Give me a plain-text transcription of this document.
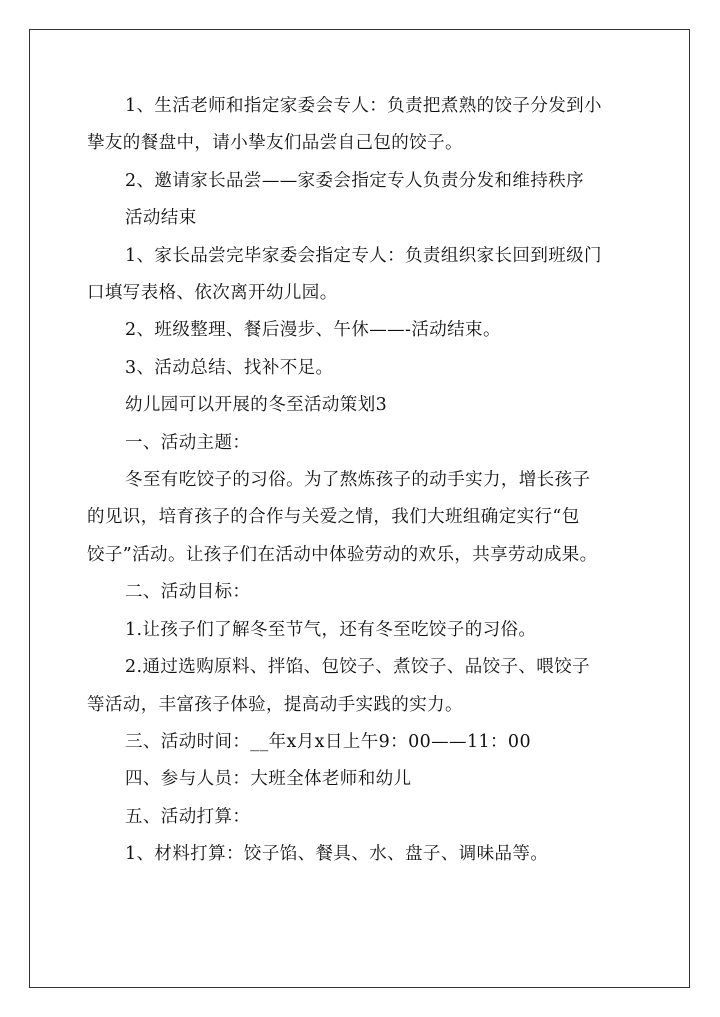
1、生活老师和指定家委会专人：负责把煮熟的饺子分发到小
挚友的餐盘中，请小挚友们品尝自己包的饺子。
2、邀请家长品尝——家委会指定专人负责分发和维持秩序
活动结束
1、家长品尝完毕家委会指定专人：负责组织家长回到班级门
口填写表格、依次离开幼儿园。
2、班级整理、餐后漫步、午休——-活动结束。
3、活动总结、找补不足。
幼儿园可以开展的冬至活动策划3
一、活动主题：
冬至有吃饺子的习俗。为了熬炼孩子的动手实力，增长孩子
的见识，培育孩子的合作与关爱之情，我们大班组确定实行“包
饺子”活动。让孩子们在活动中体验劳动的欢乐，共享劳动成果。
二、活动目标：
1.让孩子们了解冬至节气，还有冬至吃饺子的习俗。
2.通过选购原料、拌馅、包饺子、煮饺子、品饺子、喂饺子
等活动，丰富孩子体验，提高动手实践的实力。
三、活动时间：__年x月x日上午9：00——11：00
四、参与人员：大班全体老师和幼儿
五、活动打算：
1、材料打算：饺子馅、餐具、水、盘子、调味品等。
